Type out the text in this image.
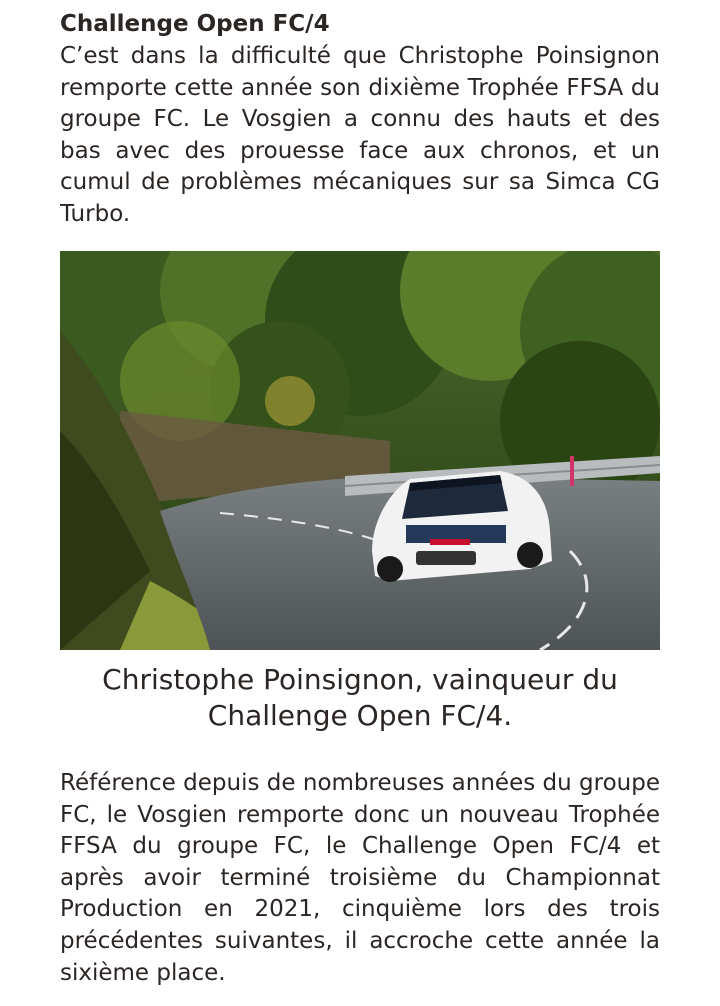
Challenge Open FC/4

C’est dans la difficulté que Christophe Poinsignon remporte cette année son dixième Trophée FFSA du groupe FC. Le Vosgien a connu des hauts et des bas avec des prouesse face aux chronos, et un cumul de problèmes mécaniques sur sa Simca CG Turbo.

Christophe Poinsignon, vainqueur du Challenge Open FC/4.

Référence depuis de nombreuses années du groupe FC, le Vosgien remporte donc un nouveau Trophée FFSA du groupe FC, le Challenge Open FC/4 et après avoir terminé troisième du Championnat Production en 2021, cinquième lors des trois précédentes suivantes, il accroche cette année la sixième place.
